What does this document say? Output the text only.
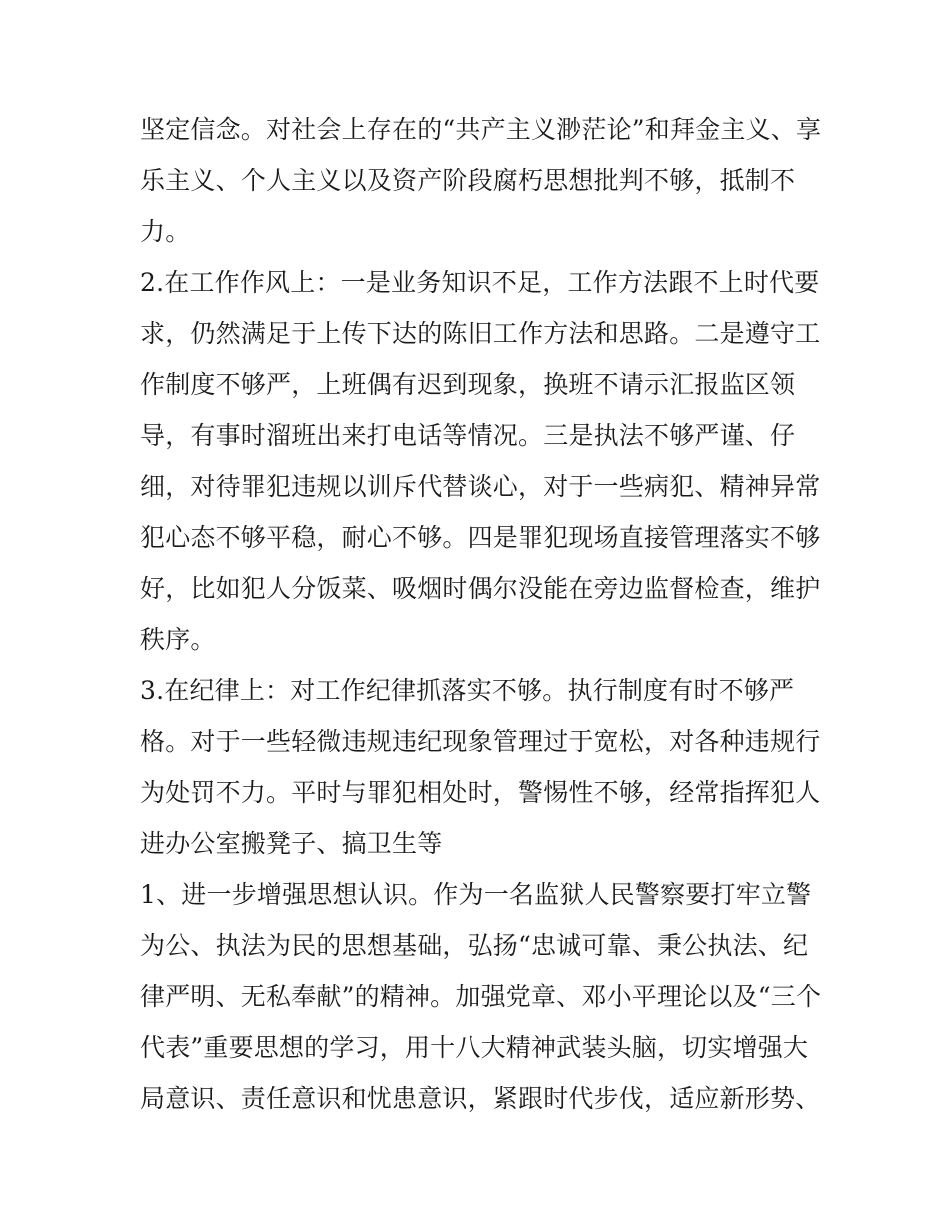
坚定信念。对社会上存在的“共产主义渺茫论”和拜金主义、享
乐主义、个人主义以及资产阶段腐朽思想批判不够，抵制不
力。
2.在工作作风上：一是业务知识不足，工作方法跟不上时代要
求，仍然满足于上传下达的陈旧工作方法和思路。二是遵守工
作制度不够严，上班偶有迟到现象，换班不请示汇报监区领
导，有事时溜班出来打电话等情况。三是执法不够严谨、仔
细，对待罪犯违规以训斥代替谈心，对于一些病犯、精神异常
犯心态不够平稳，耐心不够。四是罪犯现场直接管理落实不够
好，比如犯人分饭菜、吸烟时偶尔没能在旁边监督检查，维护
秩序。
3.在纪律上：对工作纪律抓落实不够。执行制度有时不够严
格。对于一些轻微违规违纪现象管理过于宽松，对各种违规行
为处罚不力。平时与罪犯相处时，警惕性不够，经常指挥犯人
进办公室搬凳子、搞卫生等
1、进一步增强思想认识。作为一名监狱人民警察要打牢立警
为公、执法为民的思想基础，弘扬“忠诚可靠、秉公执法、纪
律严明、无私奉献”的精神。加强党章、邓小平理论以及“三个
代表”重要思想的学习，用十八大精神武装头脑，切实增强大
局意识、责任意识和忧患意识，紧跟时代步伐，适应新形势、
